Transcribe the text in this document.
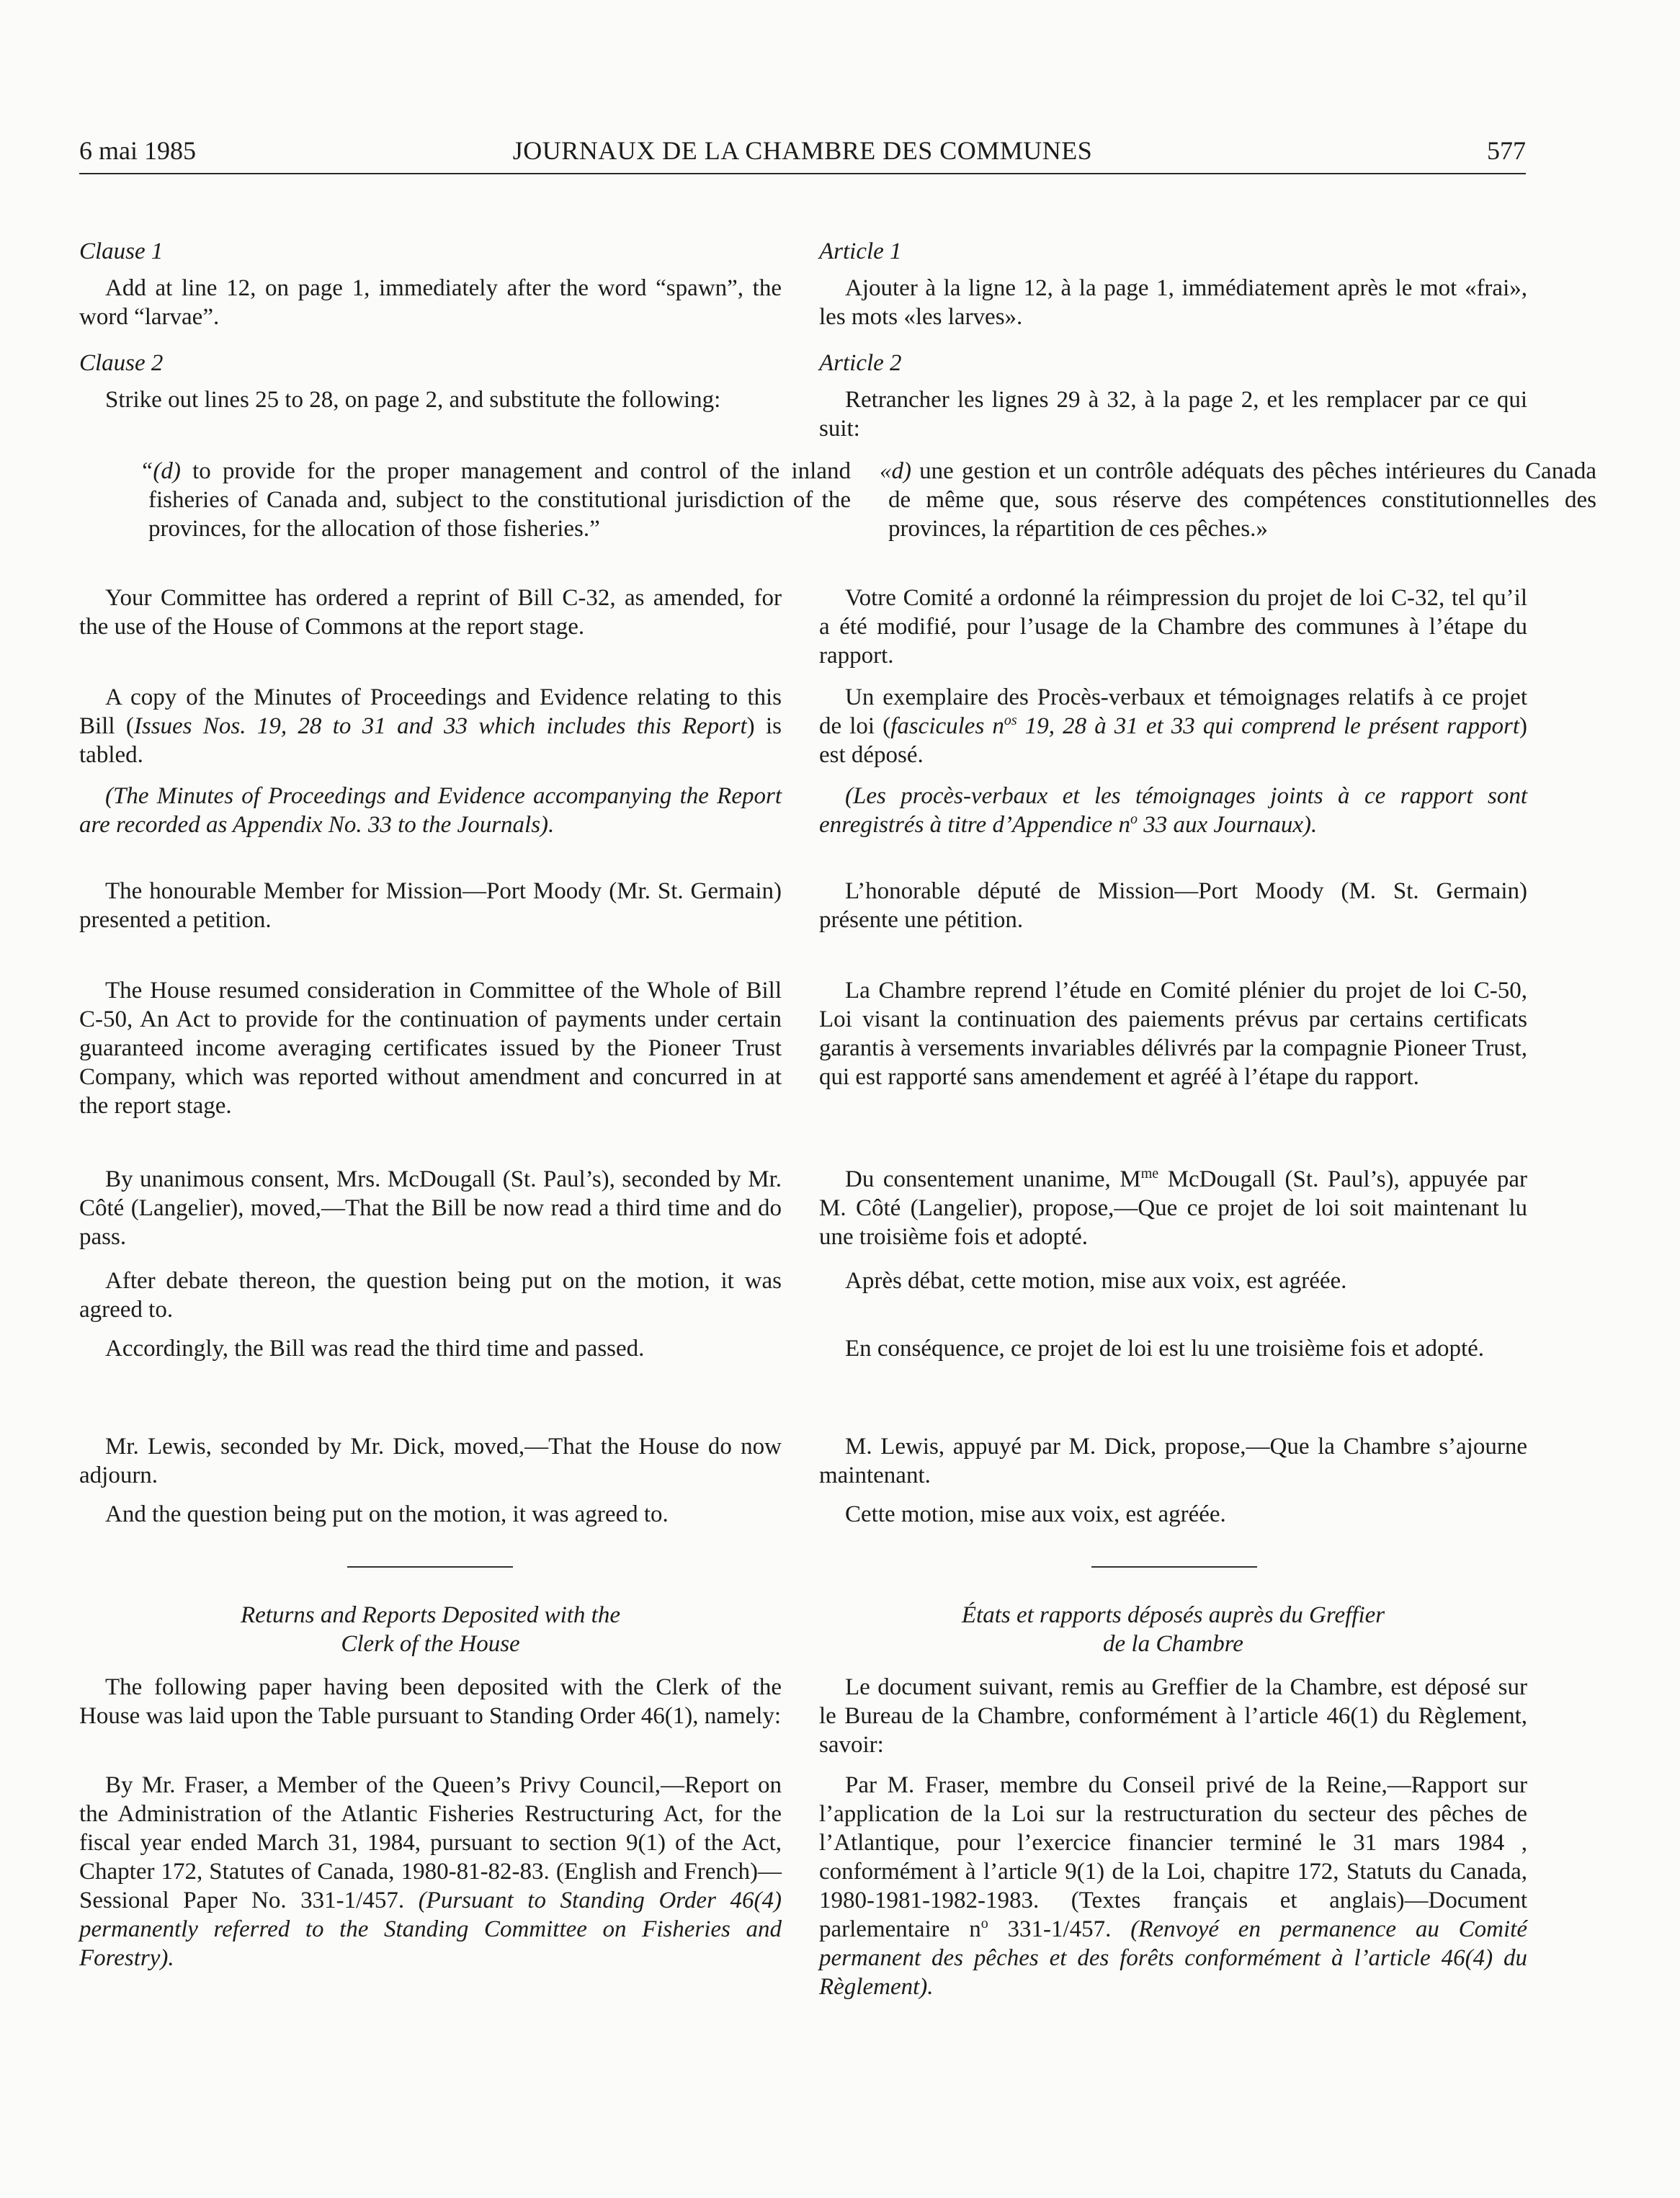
6 mai 1985	JOURNAUX DE LA CHAMBRE DES COMMUNES	577

Clause 1

Add at line 12, on page 1, immediately after the word “spawn”, the word “larvae”.

Clause 2

Strike out lines 25 to 28, on page 2, and substitute the following:

“(d) to provide for the proper management and control of the inland fisheries of Canada and, subject to the constitutional jurisdiction of the provinces, for the allocation of those fisheries.”

Your Committee has ordered a reprint of Bill C-32, as amended, for the use of the House of Commons at the report stage.

A copy of the Minutes of Proceedings and Evidence relating to this Bill (Issues Nos. 19, 28 to 31 and 33 which includes this Report) is tabled.

(The Minutes of Proceedings and Evidence accompanying the Report are recorded as Appendix No. 33 to the Journals).

The honourable Member for Mission—Port Moody (Mr. St. Germain) presented a petition.

The House resumed consideration in Committee of the Whole of Bill C-50, An Act to provide for the continuation of payments under certain guaranteed income averaging certificates issued by the Pioneer Trust Company, which was reported without amendment and concurred in at the report stage.

By unanimous consent, Mrs. McDougall (St. Paul’s), seconded by Mr. Côté (Langelier), moved,—That the Bill be now read a third time and do pass.

After debate thereon, the question being put on the motion, it was agreed to.

Accordingly, the Bill was read the third time and passed.

Mr. Lewis, seconded by Mr. Dick, moved,—That the House do now adjourn.

And the question being put on the motion, it was agreed to.

Returns and Reports Deposited with the
Clerk of the House

The following paper having been deposited with the Clerk of the House was laid upon the Table pursuant to Standing Order 46(1), namely:

By Mr. Fraser, a Member of the Queen’s Privy Council,—Report on the Administration of the Atlantic Fisheries Restructuring Act, for the fiscal year ended March 31, 1984, pursuant to section 9(1) of the Act, Chapter 172, Statutes of Canada, 1980-81-82-83. (English and French)—Sessional Paper No. 331-1/457. (Pursuant to Standing Order 46(4) permanently referred to the Standing Committee on Fisheries and Forestry).

Article 1

Ajouter à la ligne 12, à la page 1, immédiatement après le mot «frai», les mots «les larves».

Article 2

Retrancher les lignes 29 à 32, à la page 2, et les remplacer par ce qui suit:

«d) une gestion et un contrôle adéquats des pêches intérieures du Canada de même que, sous réserve des compétences constitutionnelles des provinces, la répartition de ces pêches.»

Votre Comité a ordonné la réimpression du projet de loi C-32, tel qu’il a été modifié, pour l’usage de la Chambre des communes à l’étape du rapport.

Un exemplaire des Procès-verbaux et témoignages relatifs à ce projet de loi (fascicules $n^{os}$ 19, 28 à 31 et 33 qui comprend le présent rapport) est déposé.

(Les procès-verbaux et les témoignages joints à ce rapport sont enregistrés à titre d’Appendice $n^o$ 33 aux Journaux).

L’honorable député de Mission—Port Moody (M. St. Germain) présente une pétition.

La Chambre reprend l’étude en Comité plénier du projet de loi C-50, Loi visant la continuation des paiements prévus par certains certificats garantis à versements invariables délivrés par la compagnie Pioneer Trust, qui est rapporté sans amendement et agréé à l’étape du rapport.

Du consentement unanime, $M^{me}$ McDougall (St. Paul’s), appuyée par M. Côté (Langelier), propose,—Que ce projet de loi soit maintenant lu une troisième fois et adopté.

Après débat, cette motion, mise aux voix, est agréée.

En conséquence, ce projet de loi est lu une troisième fois et adopté.

M. Lewis, appuyé par M. Dick, propose,—Que la Chambre s’ajourne maintenant.

Cette motion, mise aux voix, est agréée.

États et rapports déposés auprès du Greffier
de la Chambre

Le document suivant, remis au Greffier de la Chambre, est déposé sur le Bureau de la Chambre, conformément à l’article 46(1) du Règlement, savoir:

Par M. Fraser, membre du Conseil privé de la Reine,—Rapport sur l’application de la Loi sur la restructuration du secteur des pêches de l’Atlantique, pour l’exercice financier terminé le 31 mars 1984 , conformément à l’article 9(1) de la Loi, chapitre 172, Statuts du Canada, 1980-1981-1982-1983. (Textes français et anglais)—Document parlementaire $n^o$ 331-1/457. (Renvoyé en permanence au Comité permanent des pêches et des forêts conformément à l’article 46(4) du Règlement).
